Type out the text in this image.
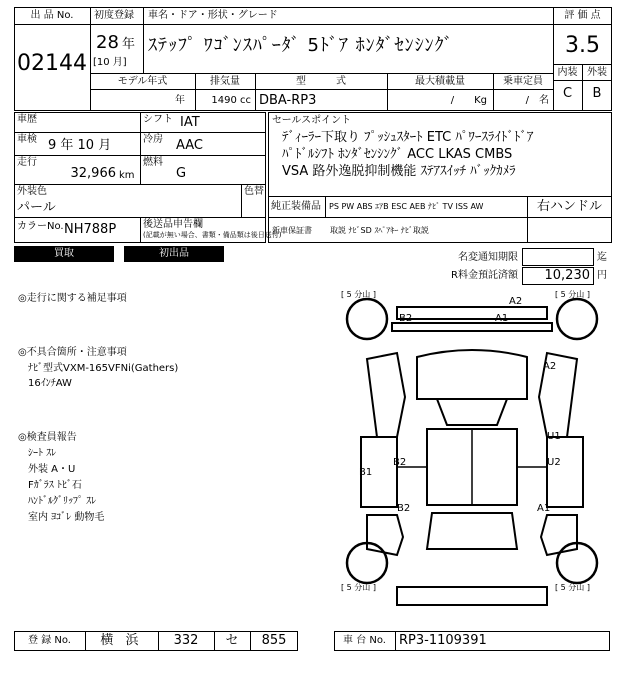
出 品 No.
02144
初度登録 車名・ドア・形状・グレード
28 年
[10 月]
ｽﾃｯﾌﾟ ﾜｺﾞﾝｽﾊﾟｰﾀﾞ 5ﾄﾞｱ ﾎﾝﾀﾞｾﾝｼﾝｸﾞ
評 価 点
3.5
内装 外装
C	B
モデル年式	排気量	型　　　式	最大積載量	乗車定員
年	1490 cc DBA-RP3	/　　Kg	/　名
車歴
車検 9 年 10 月
走行
32,966 km
シフト IAT
冷房 AAC
燃料
G
外装色
パール
色替
カラーNo. NH788P	後送品申告欄
(記載が無い場合、書類・備品類は後日送付)
セールスポイント
ﾃﾞｨｰﾗｰ下取り ﾌﾟｯｼｭｽﾀｰﾄ ETC ﾊﾟﾜｰｽﾗｲﾄﾞﾄﾞｱ
ﾊﾟﾄﾞﾙｼﾌﾄ ﾎﾝﾀﾞｾﾝｼﾝｸﾞ ACC LKAS CMBS
VSA 路外逸脱抑制機能 ｽﾃｱｽｲｯﾁ ﾊﾞｯｸｶﾒﾗ
純正装備品 PS PW ABS ｴｱB ESC AEB ﾅﾋﾞ TV ISS AW
新車保証書 取説 ﾅﾋﾞSD ｽﾍﾟｱｷｰ ﾅﾋﾞ取説
右ハンドル
買取	初出品	名変通知期限	迄
R料金預託済額	10,230 円
◎走行に関する補足事項
◎不具合箇所・注意事項
ﾅﾋﾞ型式VXM-165VFNi(Gathers)
16ｲﾝﾁAW
◎検査員報告
ｼｰﾄ ｽﾚ
外装 A・U
Fｶﾞﾗｽ ﾄﾋﾞ石
ﾊﾝﾄﾞﾙｸﾞﾘｯﾌﾟ ｽﾚ
室内 ﾖｺﾞﾚ 動物毛
[ 5 分山 ]	[ 5 分山 ]
[ 5 分山 ]	[ 5 分山 ]
A2
B2	A1
A2
U1
B1
B2	U2
B2	A1
登 録 No.	横 浜	332	セ	855	車 台 No.	RP3-1109391
